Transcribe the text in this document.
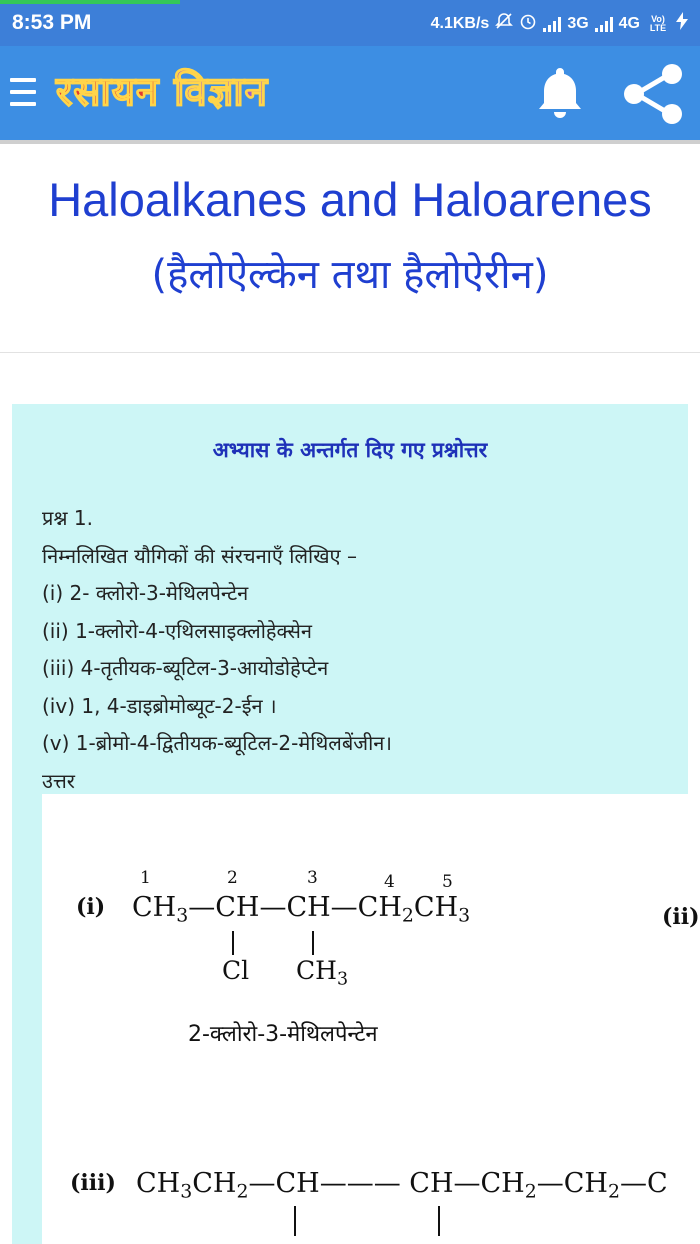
8:53 PM	4.1KB/s	3G 4G	Vo) LTE
रसायन विज्ञान
Haloalkanes and Haloarenes
(हैलोऐल्केन तथा हैलोऐरीन)
अभ्यास के अन्तर्गत दिए गए प्रश्नोत्तर
प्रश्न 1.
निम्नलिखित यौगिकों की संरचनाएँ लिखिए –
(i) 2- क्लोरो-3-मेथिलपेन्टेन
(ii) 1-क्लोरो-4-एथिलसाइक्लोहेक्सेन
(iii) 4-तृतीयक-ब्यूटिल-3-आयोडोहेप्टेन
(iv) 1, 4-डाइब्रोमोब्यूट-2-ईन ।
(v) 1-ब्रोमो-4-द्वितीयक-ब्यूटिल-2-मेथिलबेंजीन।
उत्तर
(i)
1	2	3	4	5
$CH_3—CH—CH—CH_2CH_3$
Cl $CH_3$
2-क्लोरो-3-मेथिलपेन्टेन
(ii)
(iii) $CH_3CH_2—CH———$ $CH—CH_2—CH_2—C$
